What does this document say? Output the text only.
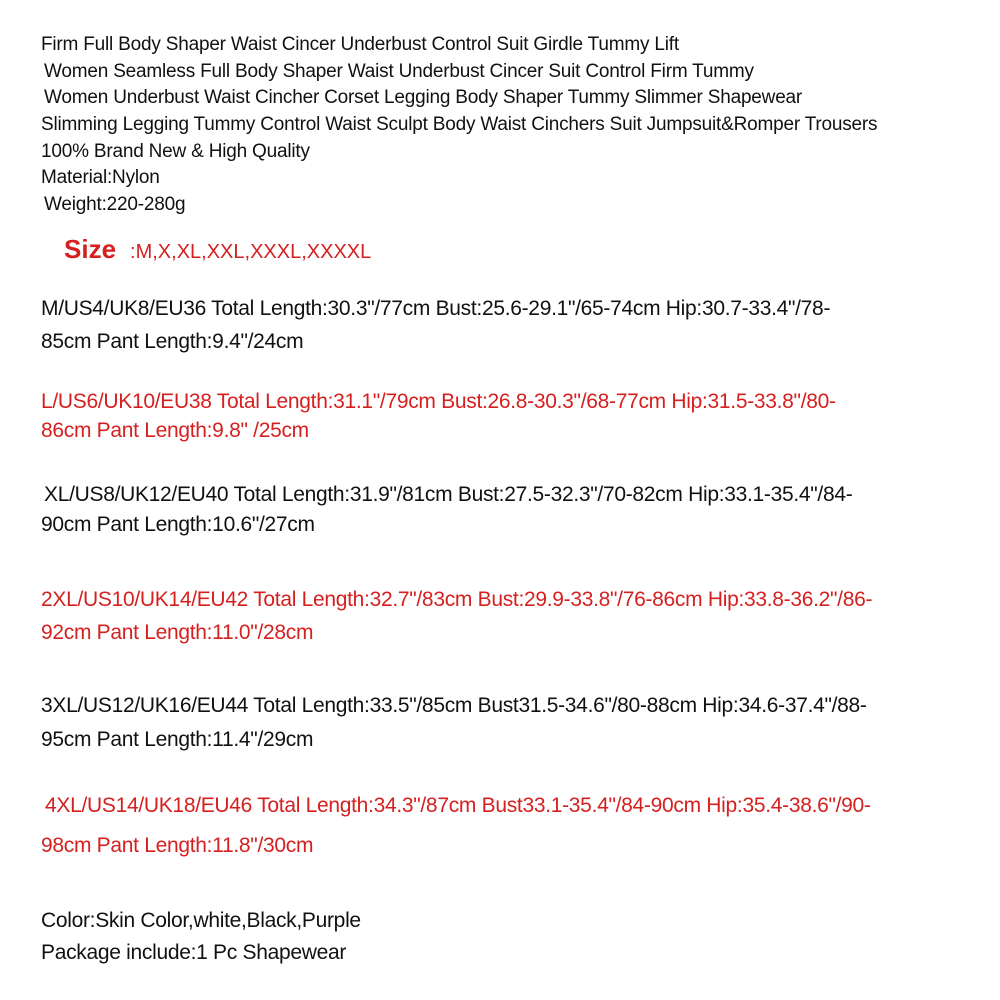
Firm Full Body Shaper Waist Cincer Underbust Control Suit Girdle Tummy Lift
Women Seamless Full Body Shaper Waist Underbust Cincer Suit Control Firm Tummy
Women Underbust Waist Cincher Corset Legging Body Shaper Tummy Slimmer Shapewear
Slimming Legging Tummy Control Waist Sculpt Body Waist Cinchers Suit Jumpsuit&Romper Trousers
100% Brand New & High Quality
Material:Nylon
Weight:220-280g
Size :M,X,XL,XXL,XXXL,XXXXL
M/US4/UK8/EU36 Total Length:30.3"/77cm Bust:25.6-29.1"/65-74cm Hip:30.7-33.4"/78-
85cm Pant Length:9.4"/24cm
L/US6/UK10/EU38 Total Length:31.1"/79cm Bust:26.8-30.3"/68-77cm Hip:31.5-33.8"/80-
86cm Pant Length:9.8" /25cm
XL/US8/UK12/EU40 Total Length:31.9"/81cm Bust:27.5-32.3"/70-82cm Hip:33.1-35.4"/84-
90cm Pant Length:10.6"/27cm
2XL/US10/UK14/EU42 Total Length:32.7"/83cm Bust:29.9-33.8"/76-86cm Hip:33.8-36.2"/86-
92cm Pant Length:11.0"/28cm
3XL/US12/UK16/EU44 Total Length:33.5"/85cm Bust31.5-34.6"/80-88cm Hip:34.6-37.4"/88-
95cm Pant Length:11.4"/29cm
4XL/US14/UK18/EU46 Total Length:34.3"/87cm Bust33.1-35.4"/84-90cm Hip:35.4-38.6"/90-
98cm Pant Length:11.8"/30cm
Color:Skin Color,white,Black,Purple
Package include:1 Pc Shapewear
